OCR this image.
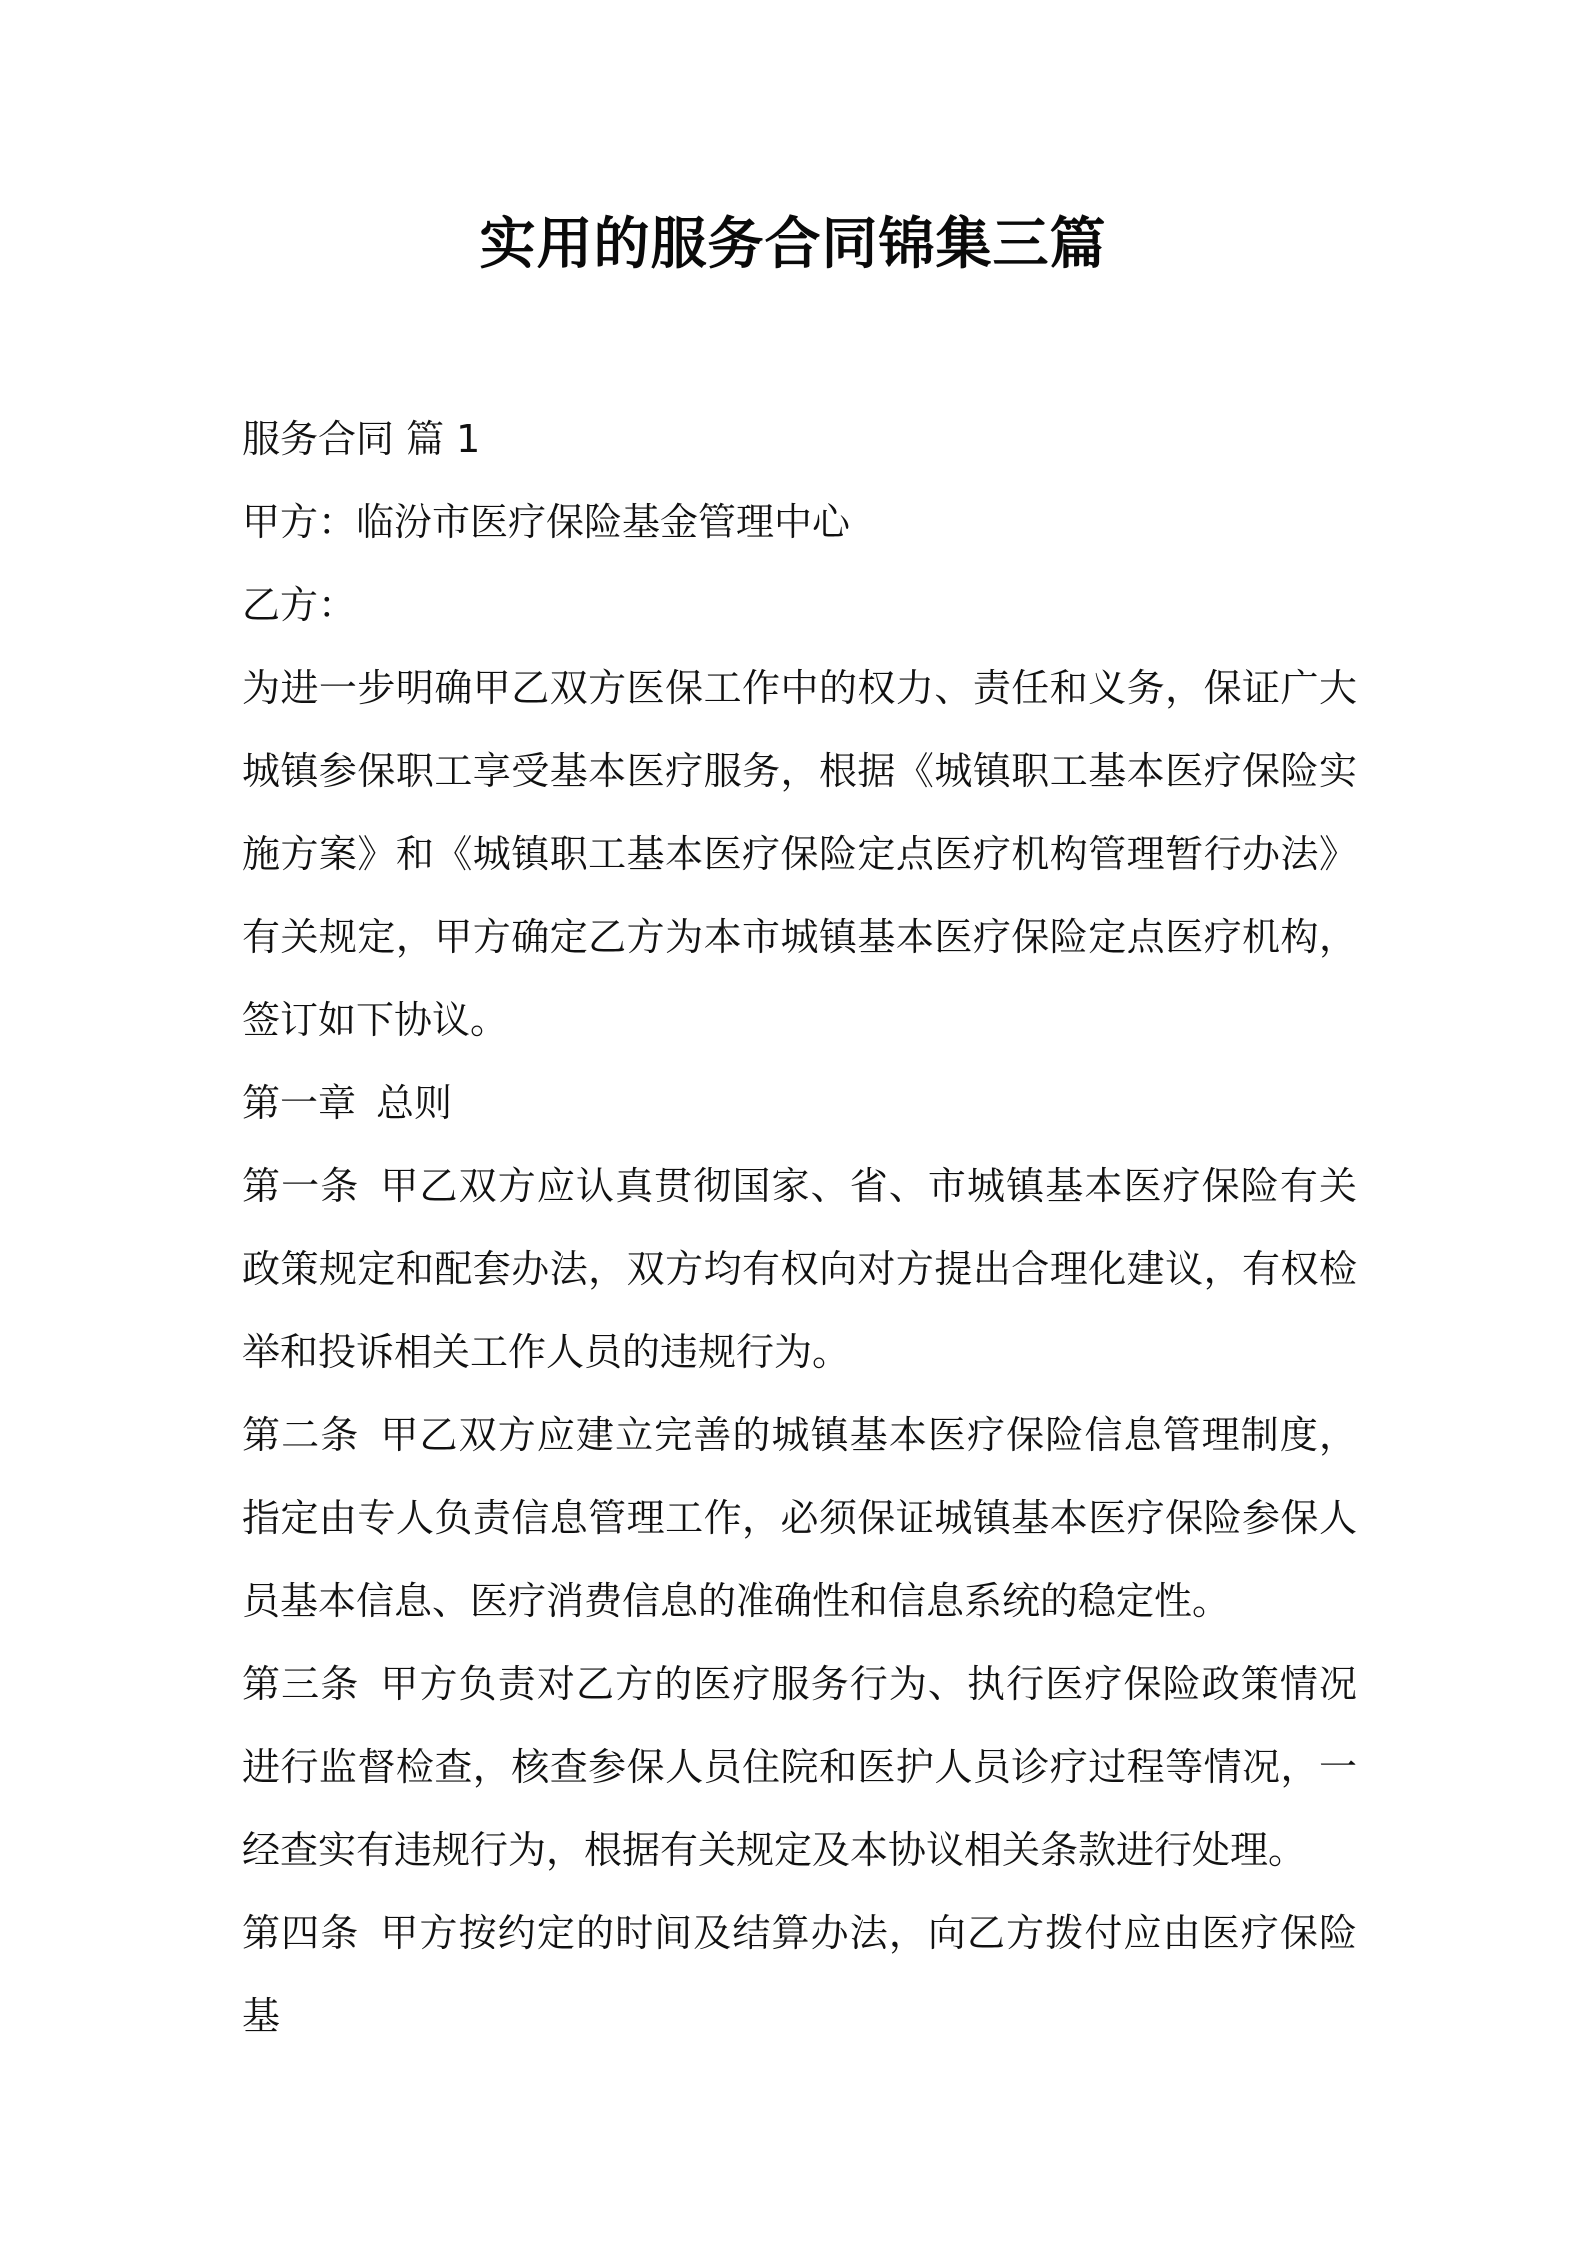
实用的服务合同锦集三篇

服务合同 篇 1

甲方：临汾市医疗保险基金管理中心

乙方：

为进一步明确甲乙双方医保工作中的权力、责任和义务，保证广大城镇参保职工享受基本医疗服务，根据《城镇职工基本医疗保险实施方案》和《城镇职工基本医疗保险定点医疗机构管理暂行办法》有关规定，甲方确定乙方为本市城镇基本医疗保险定点医疗机构，签订如下协议。

第一章 总则

第一条 甲乙双方应认真贯彻国家、省、市城镇基本医疗保险有关政策规定和配套办法，双方均有权向对方提出合理化建议，有权检举和投诉相关工作人员的违规行为。

第二条 甲乙双方应建立完善的城镇基本医疗保险信息管理制度，指定由专人负责信息管理工作，必须保证城镇基本医疗保险参保人员基本信息、医疗消费信息的准确性和信息系统的稳定性。

第三条 甲方负责对乙方的医疗服务行为、执行医疗保险政策情况进行监督检查，核查参保人员住院和医护人员诊疗过程等情况，一经查实有违规行为，根据有关规定及本协议相关条款进行处理。

第四条 甲方按约定的时间及结算办法，向乙方拨付应由医疗保险基
